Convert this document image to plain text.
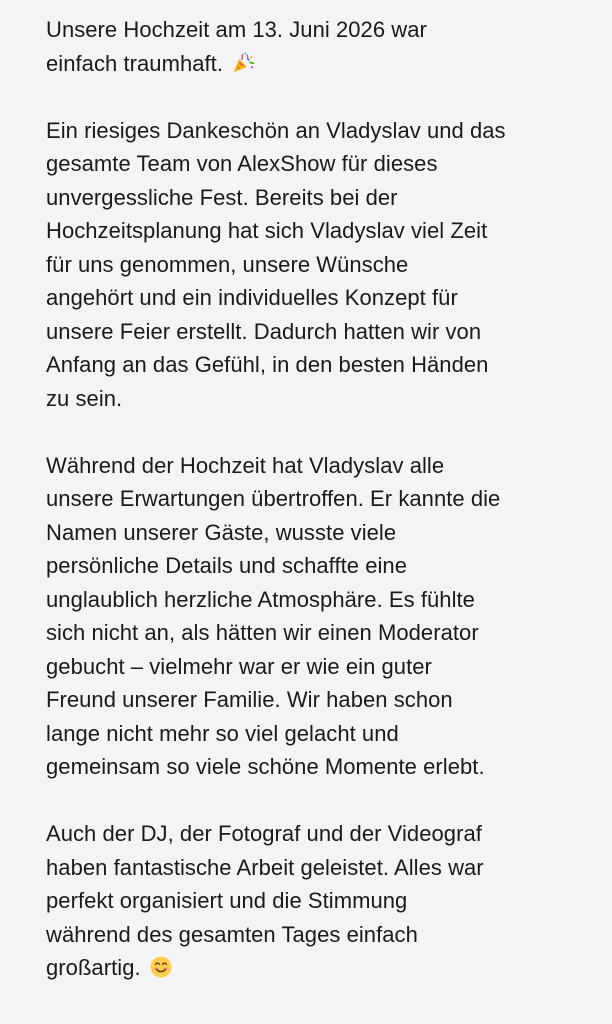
Unsere Hochzeit am 13. Juni 2026 war
einfach traumhaft.
Ein riesiges Dankeschön an Vladyslav und das
gesamte Team von AlexShow für dieses
unvergessliche Fest. Bereits bei der
Hochzeitsplanung hat sich Vladyslav viel Zeit
für uns genommen, unsere Wünsche
angehört und ein individuelles Konzept für
unsere Feier erstellt. Dadurch hatten wir von
Anfang an das Gefühl, in den besten Händen
zu sein.
Während der Hochzeit hat Vladyslav alle
unsere Erwartungen übertroffen. Er kannte die
Namen unserer Gäste, wusste viele
persönliche Details und schaffte eine
unglaublich herzliche Atmosphäre. Es fühlte
sich nicht an, als hätten wir einen Moderator
gebucht – vielmehr war er wie ein guter
Freund unserer Familie. Wir haben schon
lange nicht mehr so viel gelacht und
gemeinsam so viele schöne Momente erlebt.
Auch der DJ, der Fotograf und der Videograf
haben fantastische Arbeit geleistet. Alles war
perfekt organisiert und die Stimmung
während des gesamten Tages einfach
großartig.
